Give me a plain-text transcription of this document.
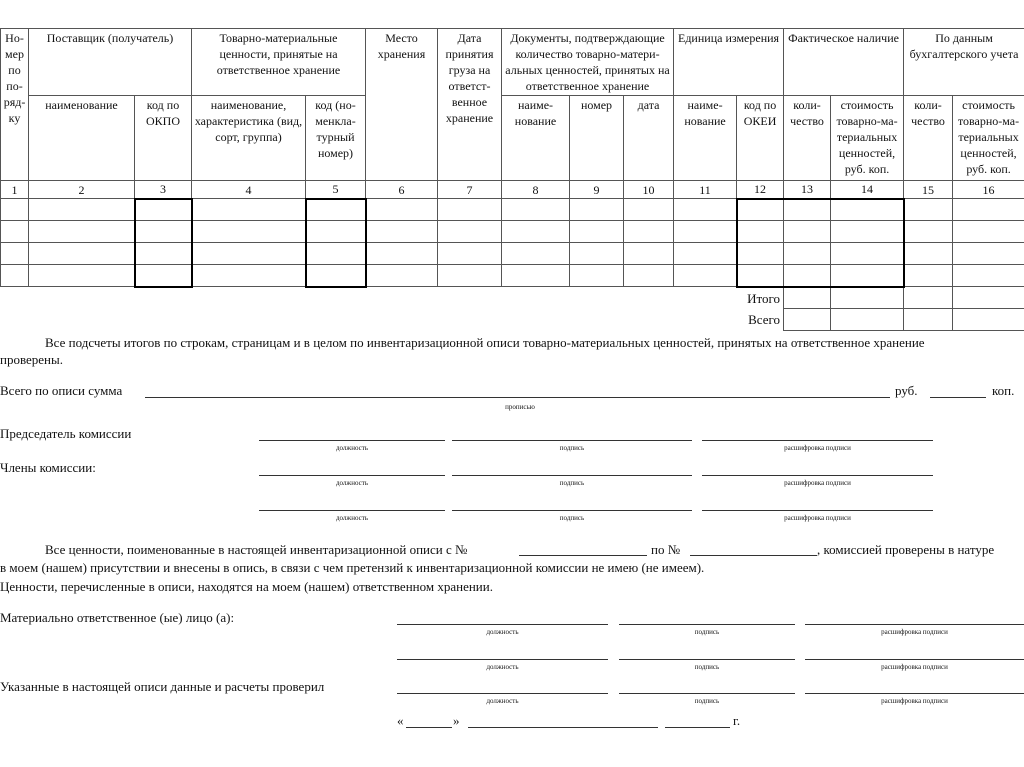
Но-мер по по-ряд-ку	Поставщик (получатель)		Товарно-материальные ценности, принятые на ответственное хранение		Место хранения	Дата принятия груза на ответст-венное хранение	Документы, подтверждающие количество товарно-матери-альных ценностей, принятых на ответственное хранение			Единица измерения		Фактическое наличие		По данным бухгалтерского учета	
	наименование	код по ОКПО	наименование, характеристика (вид, сорт, группа)	код (но-менкла-турный номер)			наиме-нование	номер	дата	наиме-нование	код по ОКЕИ	коли-чество	стоимость товарно-ма-териальных ценностей, руб. коп.	коли-чество	стоимость товарно-ма-териальных ценностей, руб. коп.
1	2	3	4	5	6	7	8	9	10	11	12	13	14	15	16

Итого															
Всего															
Все подсчеты итогов по строкам, страницам и в целом по инвентаризационной описи товарно-материальных ценностей, принятых на ответственное хранение
проверены.
Всего по описи сумма	руб.	коп.
прописью
Председатель комиссии
Члены комиссии:
должность	подпись	расшифровка подписи
должность	подпись	расшифровка подписи
должность	подпись	расшифровка подписи
Все ценности, поименованные в настоящей инвентаризационной описи с №	по №	, комиссией проверены в натуре
в моем (нашем) присутствии и внесены в опись, в связи с чем претензий к инвентаризационной комиссии не имею (не имеем).
Ценности, перечисленные в описи, находятся на моем (нашем) ответственном хранении.
Материально ответственное (ые) лицо (а):
Указанные в настоящей описи данные и расчеты проверил
должность	подпись	расшифровка подписи
должность	подпись	расшифровка подписи
должность	подпись	расшифровка подписи
«	»	г.
